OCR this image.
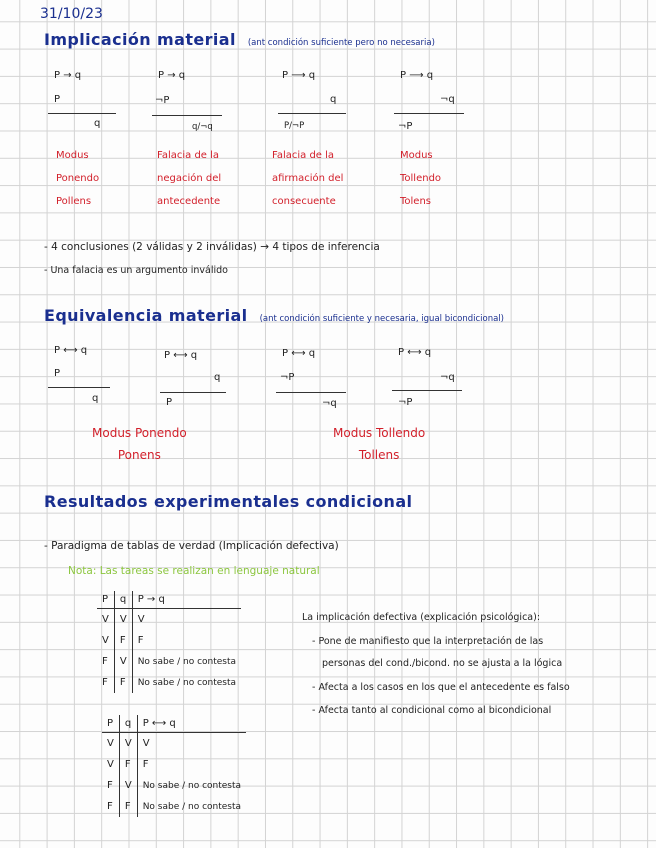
31/10/23
Implicación material (ant condición suficiente pero no necesaria)
P → q
P
q
Modus
Ponendo
Pollens
P → q
¬P
q/¬q
Falacia de la
negación del
antecedente
P ⟶ q
q
P/¬P
Falacia de la
afirmación del
consecuente
P ⟶ q
¬q
¬P
Modus
Tollendo
Tolens
- 4 conclusiones (2 válidas y 2 inválidas) → 4 tipos de inferencia
- Una falacia es un argumento inválido
Equivalencia material (ant condición suficiente y necesaria, igual bicondicional)
P ⟷ q
P
q
P ⟷ q
q
P
P ⟷ q
¬P
¬q
P ⟷ q
¬q
¬P
Modus Ponendo
Ponens
Modus Tollendo
Tollens
Resultados experimentales condicional
- Paradigma de tablas de verdad (Implicación defectiva)
Nota: Las tareas se realizan en lenguaje natural
P	q	P → q
V	V	V
V	F	F
F	V	No sabe / no contesta
F	F	No sabe / no contesta
P	q	P ⟷ q
V	V	V
V	F	F
F	V	No sabe / no contesta
F	F	No sabe / no contesta
La implicación defectiva (explicación psicológica):
- Pone de manifiesto que la interpretación de las
personas del cond./bicond. no se ajusta a la lógica
- Afecta a los casos en los que el antecedente es falso
- Afecta tanto al condicional como al bicondicional
